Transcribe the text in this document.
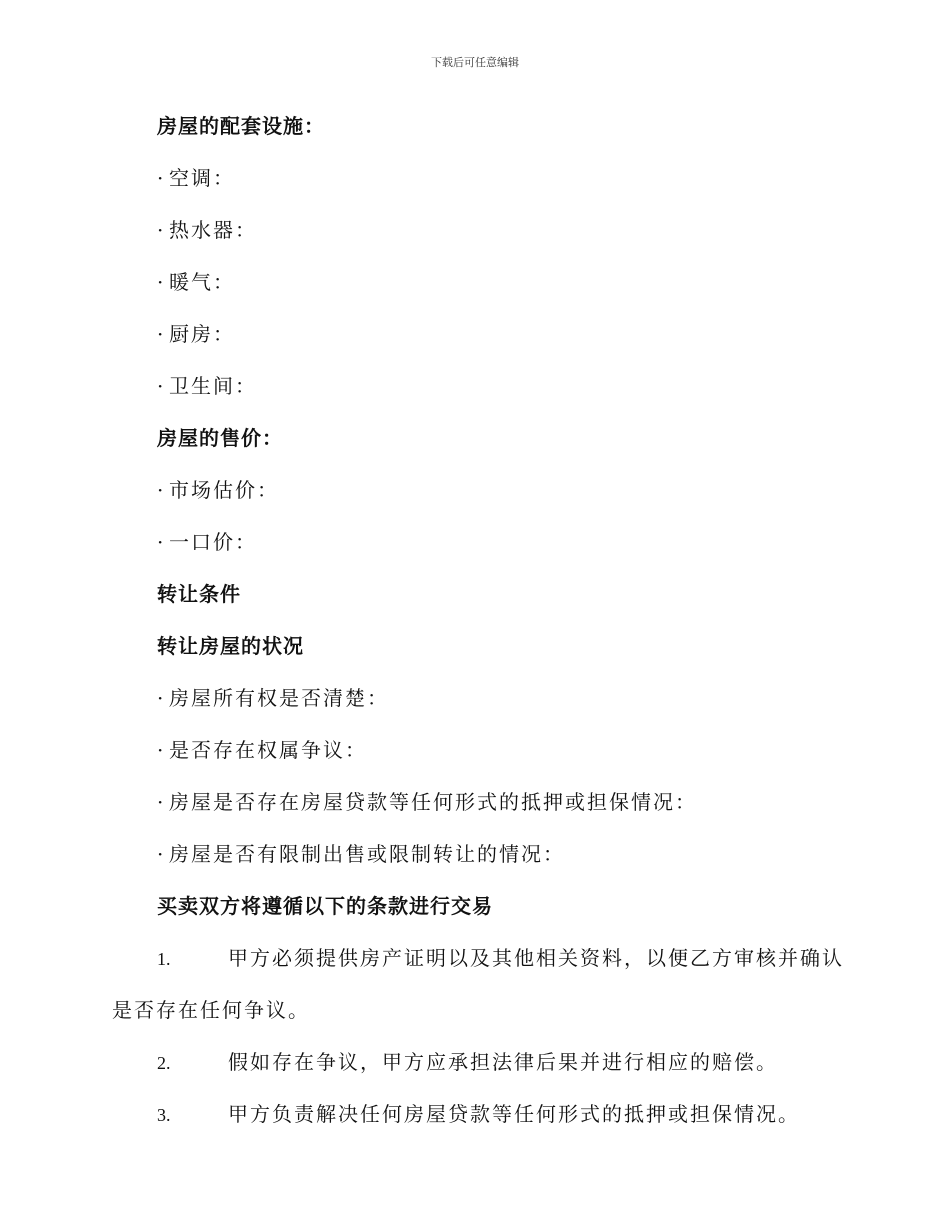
下载后可任意编辑
房屋的配套设施：
· 空调：
· 热水器：
· 暖气：
· 厨房：
· 卫生间：
房屋的售价：
· 市场估价：
· 一口价：
转让条件
转让房屋的状况
· 房屋所有权是否清楚：
· 是否存在权属争议：
· 房屋是否存在房屋贷款等任何形式的抵押或担保情况：
· 房屋是否有限制出售或限制转让的情况：
买卖双方将遵循以下的条款进行交易
1.	甲方必须提供房产证明以及其他相关资料，以便乙方审核并确认
是否存在任何争议。
2.	假如存在争议，甲方应承担法律后果并进行相应的赔偿。
3.	甲方负责解决任何房屋贷款等任何形式的抵押或担保情况。
